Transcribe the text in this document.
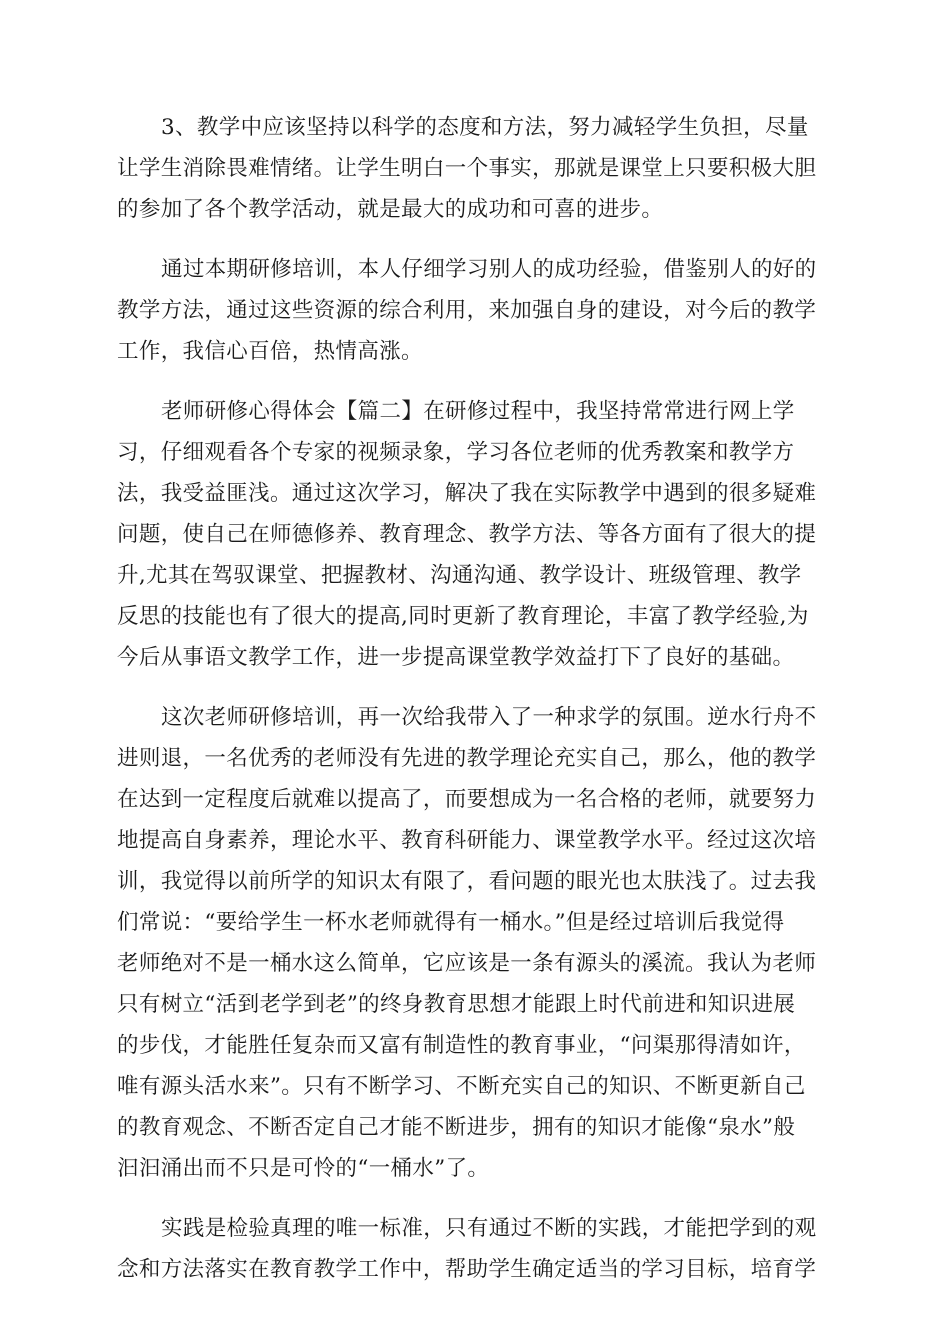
3、教学中应该坚持以科学的态度和方法，努力减轻学生负担，尽量
让学生消除畏难情绪。让学生明白一个事实，那就是课堂上只要积极大胆
的参加了各个教学活动，就是最大的成功和可喜的进步。

通过本期研修培训，本人仔细学习别人的成功经验，借鉴别人的好的
教学方法，通过这些资源的综合利用，来加强自身的建设，对今后的教学
工作，我信心百倍，热情高涨。

老师研修心得体会【篇二】在研修过程中，我坚持常常进行网上学
习，仔细观看各个专家的视频录象，学习各位老师的优秀教案和教学方
法，我受益匪浅。通过这次学习，解决了我在实际教学中遇到的很多疑难
问题，使自己在师德修养、教育理念、教学方法、等各方面有了很大的提
升,尤其在驾驭课堂、把握教材、沟通沟通、教学设计、班级管理、教学
反思的技能也有了很大的提高,同时更新了教育理论，丰富了教学经验,为
今后从事语文教学工作，进一步提高课堂教学效益打下了良好的基础。

这次老师研修培训，再一次给我带入了一种求学的氛围。逆水行舟不
进则退，一名优秀的老师没有先进的教学理论充实自己，那么，他的教学
在达到一定程度后就难以提高了，而要想成为一名合格的老师，就要努力
地提高自身素养，理论水平、教育科研能力、课堂教学水平。经过这次培
训，我觉得以前所学的知识太有限了，看问题的眼光也太肤浅了。过去我
们常说：“要给学生一杯水老师就得有一桶水。”但是经过培训后我觉得
老师绝对不是一桶水这么简单，它应该是一条有源头的溪流。我认为老师
只有树立“活到老学到老”的终身教育思想才能跟上时代前进和知识进展
的步伐，才能胜任复杂而又富有制造性的教育事业，“问渠那得清如许，
唯有源头活水来”。只有不断学习、不断充实自己的知识、不断更新自己
的教育观念、不断否定自己才能不断进步，拥有的知识才能像“泉水”般
汩汩涌出而不只是可怜的“一桶水”了。

实践是检验真理的唯一标准，只有通过不断的实践，才能把学到的观
念和方法落实在教育教学工作中，帮助学生确定适当的学习目标，培育学
